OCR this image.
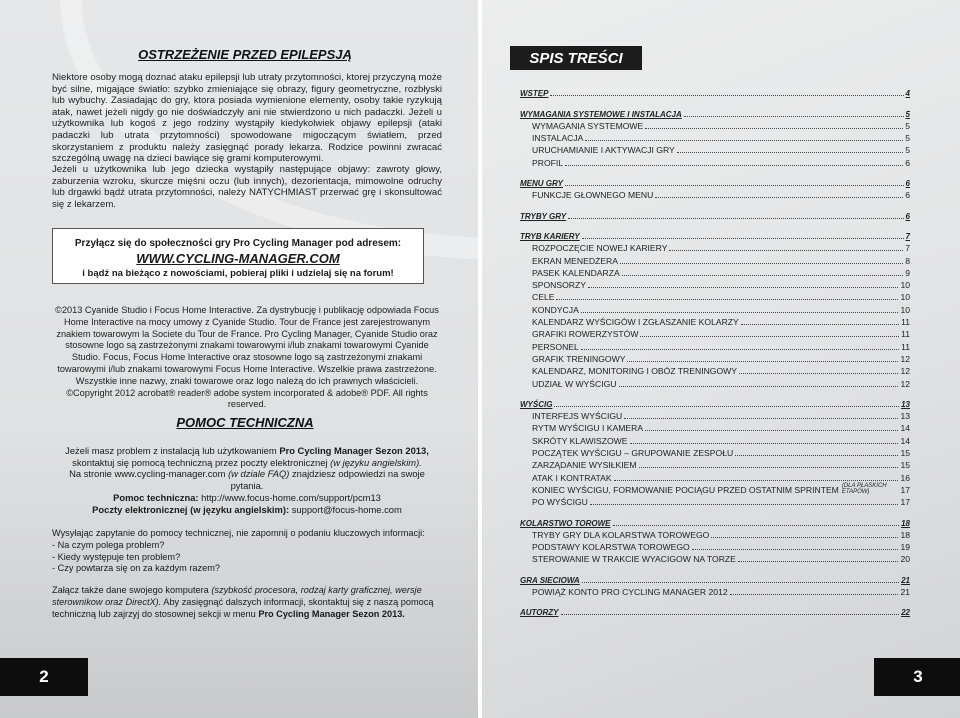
OSTRZEŻENIE PRZED EPILEPSJĄ
Niektore osoby mogą doznać ataku epilepsji lub utraty przytomności, ktorej przyczyną może być silne, migające światło: szybko zmieniające się obrazy, figury geometryczne, rozbłyski lub wybuchy. Zasiadając do gry, ktora posiada wymienione elementy, osoby takie ryzykują atak, nawet jeżeli nigdy go nie doświadczyły ani nie stwierdzono u nich padaczki. Jeżeli u użytkownika lub kogoś z jego rodziny wystąpiły kiedykolwiek objawy epilepsji (ataki padaczki lub utrata przytomności) spowodowane migoczącym światłem, przed skorzystaniem z produktu należy zasięgnąć porady lekarza. Rodzice powinni zwracać szczególną uwagę na dzieci bawiące się grami komputerowymi.
Jeżeli u użytkownika lub jego dziecka wystąpiły następujące objawy: zawroty głowy, zaburzenia wzroku, skurcze mięśni oczu (lub innych), dezorientacja, mimowolne odruchy lub drgawki bądź utrata przytomności, należy NATYCHMIAST przerwać grę i skonsultować się z lekarzem.
Przyłącz się do społeczności gry Pro Cycling Manager pod adresem:
WWW.CYCLING-MANAGER.COM
i bądź na bieżąco z nowościami, pobieraj pliki i udzielaj się na forum!
©2013 Cyanide Studio i Focus Home Interactive. Za dystrybucję i publikację odpowiada Focus Home Interactive na mocy umowy z Cyanide Studio. Tour de France jest zarejestrowanym znakiem towarowym la Societe du Tour de France. Pro Cycling Manager, Cyanide Studio oraz stosowne logo są zastrzeżonymi znakami towarowymi i/lub znakami towarowymi Cyanide Studio. Focus, Focus Home Interactive oraz stosowne logo są zastrzeżonymi znakami towarowymi i/lub znakami towarowymi Focus Home Interactive. Wszelkie prawa zastrzeżone. Wszystkie inne nazwy, znaki towarowe oraz logo należą do ich prawnych właścicieli.
©Copyright 2012 acrobat® reader® adobe system incorporated & adobe® PDF. All rights reserved.
POMOC TECHNICZNA
Jeżeli masz problem z instalacją lub użytkowaniem Pro Cycling Manager Sezon 2013,
skontaktuj się pomocą techniczną przez poczty elektronicznej (w języku angielskim).
Na stronie www.cycling-manager.com (w dziale FAQ) znajdziesz odpowiedzi na swoje pytania.
Pomoc techniczna: http://www.focus-home.com/support/pcm13
Poczty elektronicznej (w języku angielskim): support@focus-home.com
Wysyłając zapytanie do pomocy technicznej, nie zapomnij o podaniu kluczowych informacji:
- Na czym polega problem?
- Kiedy występuje ten problem?
- Czy powtarza się on za każdym razem?
Załącz także dane swojego komputera (szybkość procesora, rodzaj karty graficznej, wersje sterownikow oraz DirectX). Aby zasięgnąć dalszych informacji, skontaktuj się z naszą pomocą techniczną lub zajrzyj do stosownej sekcji w menu Pro Cycling Manager Sezon 2013.
2
SPIS TREŚCI
WSTĘP	4
WYMAGANIA SYSTEMOWE I INSTALACJA	5
WYMAGANIA SYSTEMOWE	5
INSTALACJA	5
URUCHAMIANIE I AKTYWACJI GRY	5
PROFIL	6
MENU GRY	6
FUNKCJE GŁOWNEGO MENU	6
TRYBY GRY	6
TRYB KARIERY	7
ROZPOCZĘCIE NOWEJ KARIERY	7
EKRAN MENEDŻERA	8
PASEK KALENDARZA	9
SPONSORZY	10
CELE	10
KONDYCJA	10
KALENDARZ WYŚCIGÓW I ZGŁASZANIE KOLARZY	11
GRAFIKI ROWERZYSTÓW	11
PERSONEL	11
GRAFIK TRENINGOWY	12
KALENDARZ, MONITORING I OBÓZ TRENINGOWY	12
UDZIAŁ W WYŚCIGU	12
WYŚCIG	13
INTERFEJS WYŚCIGU	13
RYTM WYŚCIGU I KAMERA	14
SKRÓTY KLAWISZOWE	14
POCZĄTEK WYŚCIGU – GRUPOWANIE ZESPOŁU	15
ZARZĄDANIE WYSIŁKIEM	15
ATAK I KONTRATAK	16
KONIEC WYŚCIGU, FORMOWANIE POCIĄGU PRZED OSTATNIM SPRINTEM (DLA PŁASKICH ETAPÓW)	17
PO WYŚCIGU	17
KOLARSTWO TOROWE	18
TRYBY GRY DLA KOLARSTWA TOROWEGO	18
PODSTAWY KOLARSTWA TOROWEGO	19
STEROWANIE W TRAKCIE WYACIGOW NA TORZE	20
GRA SIECIOWA	21
POWIĄŻ KONTO PRO CYCLING MANAGER 2012	21
AUTORZY	22
3
